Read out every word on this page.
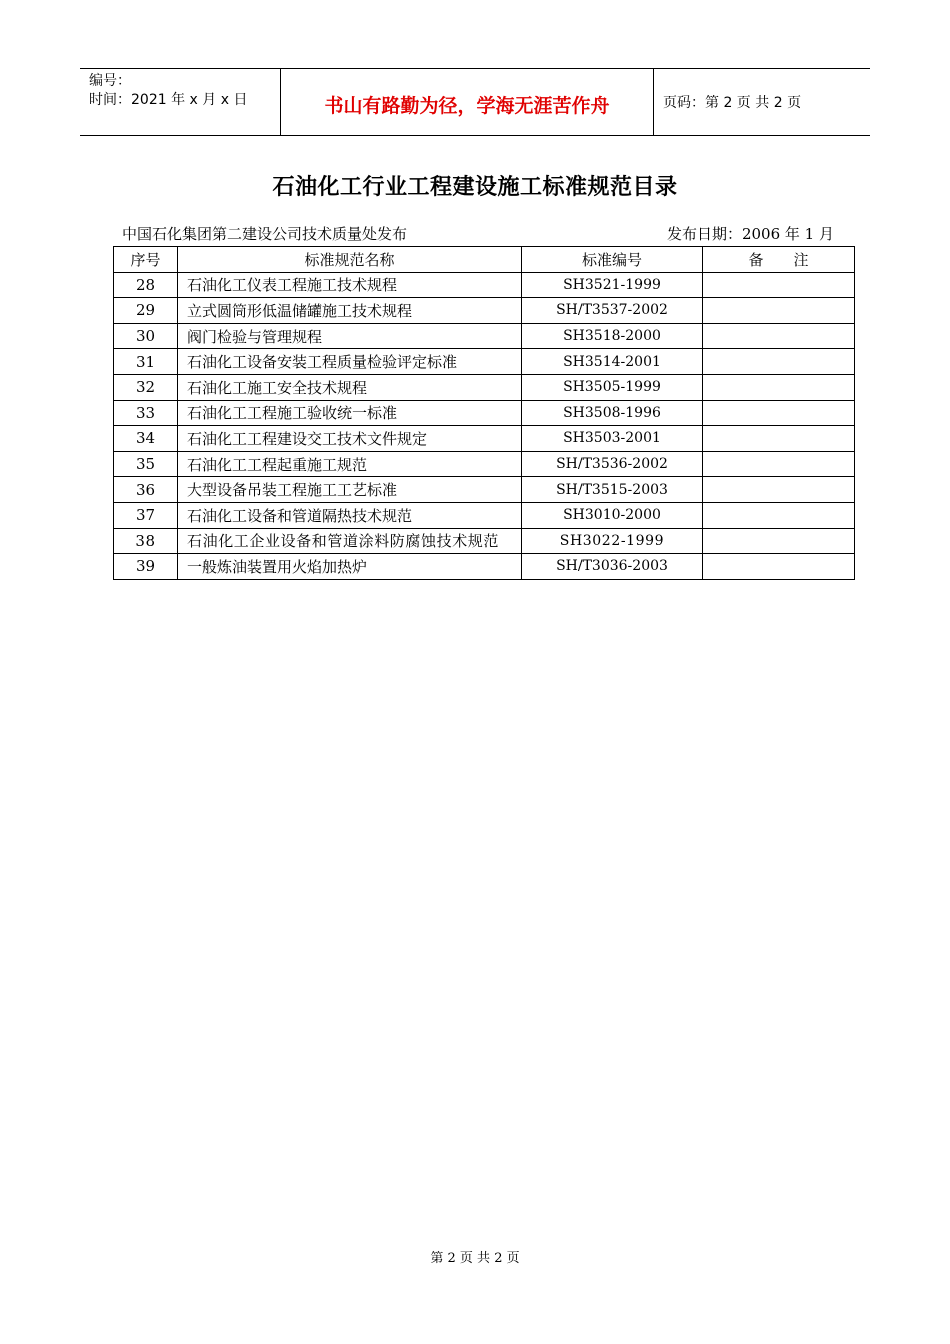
编号：
时间：2021 年 x 月 x 日	书山有路勤为径，学海无涯苦作舟	页码：第 2 页 共 2 页
石油化工行业工程建设施工标准规范目录
中国石化集团第二建设公司技术质量处发布	发布日期：2006 年 1 月
序号	标准规范名称	标准编号	备　　注
28	石油化工仪表工程施工技术规程	SH3521-1999	
29	立式圆筒形低温储罐施工技术规程	SH/T3537-2002	
30	阀门检验与管理规程	SH3518-2000	
31	石油化工设备安装工程质量检验评定标准	SH3514-2001	
32	石油化工施工安全技术规程	SH3505-1999	
33	石油化工工程施工验收统一标准	SH3508-1996	
34	石油化工工程建设交工技术文件规定	SH3503-2001	
35	石油化工工程起重施工规范	SH/T3536-2002	
36	大型设备吊装工程施工工艺标准	SH/T3515-2003	
37	石油化工设备和管道隔热技术规范	SH3010-2000	
38	石油化工企业设备和管道涂料防腐蚀技术规范	SH3022-1999	
39	一般炼油装置用火焰加热炉	SH/T3036-2003	
第 2 页 共 2 页
